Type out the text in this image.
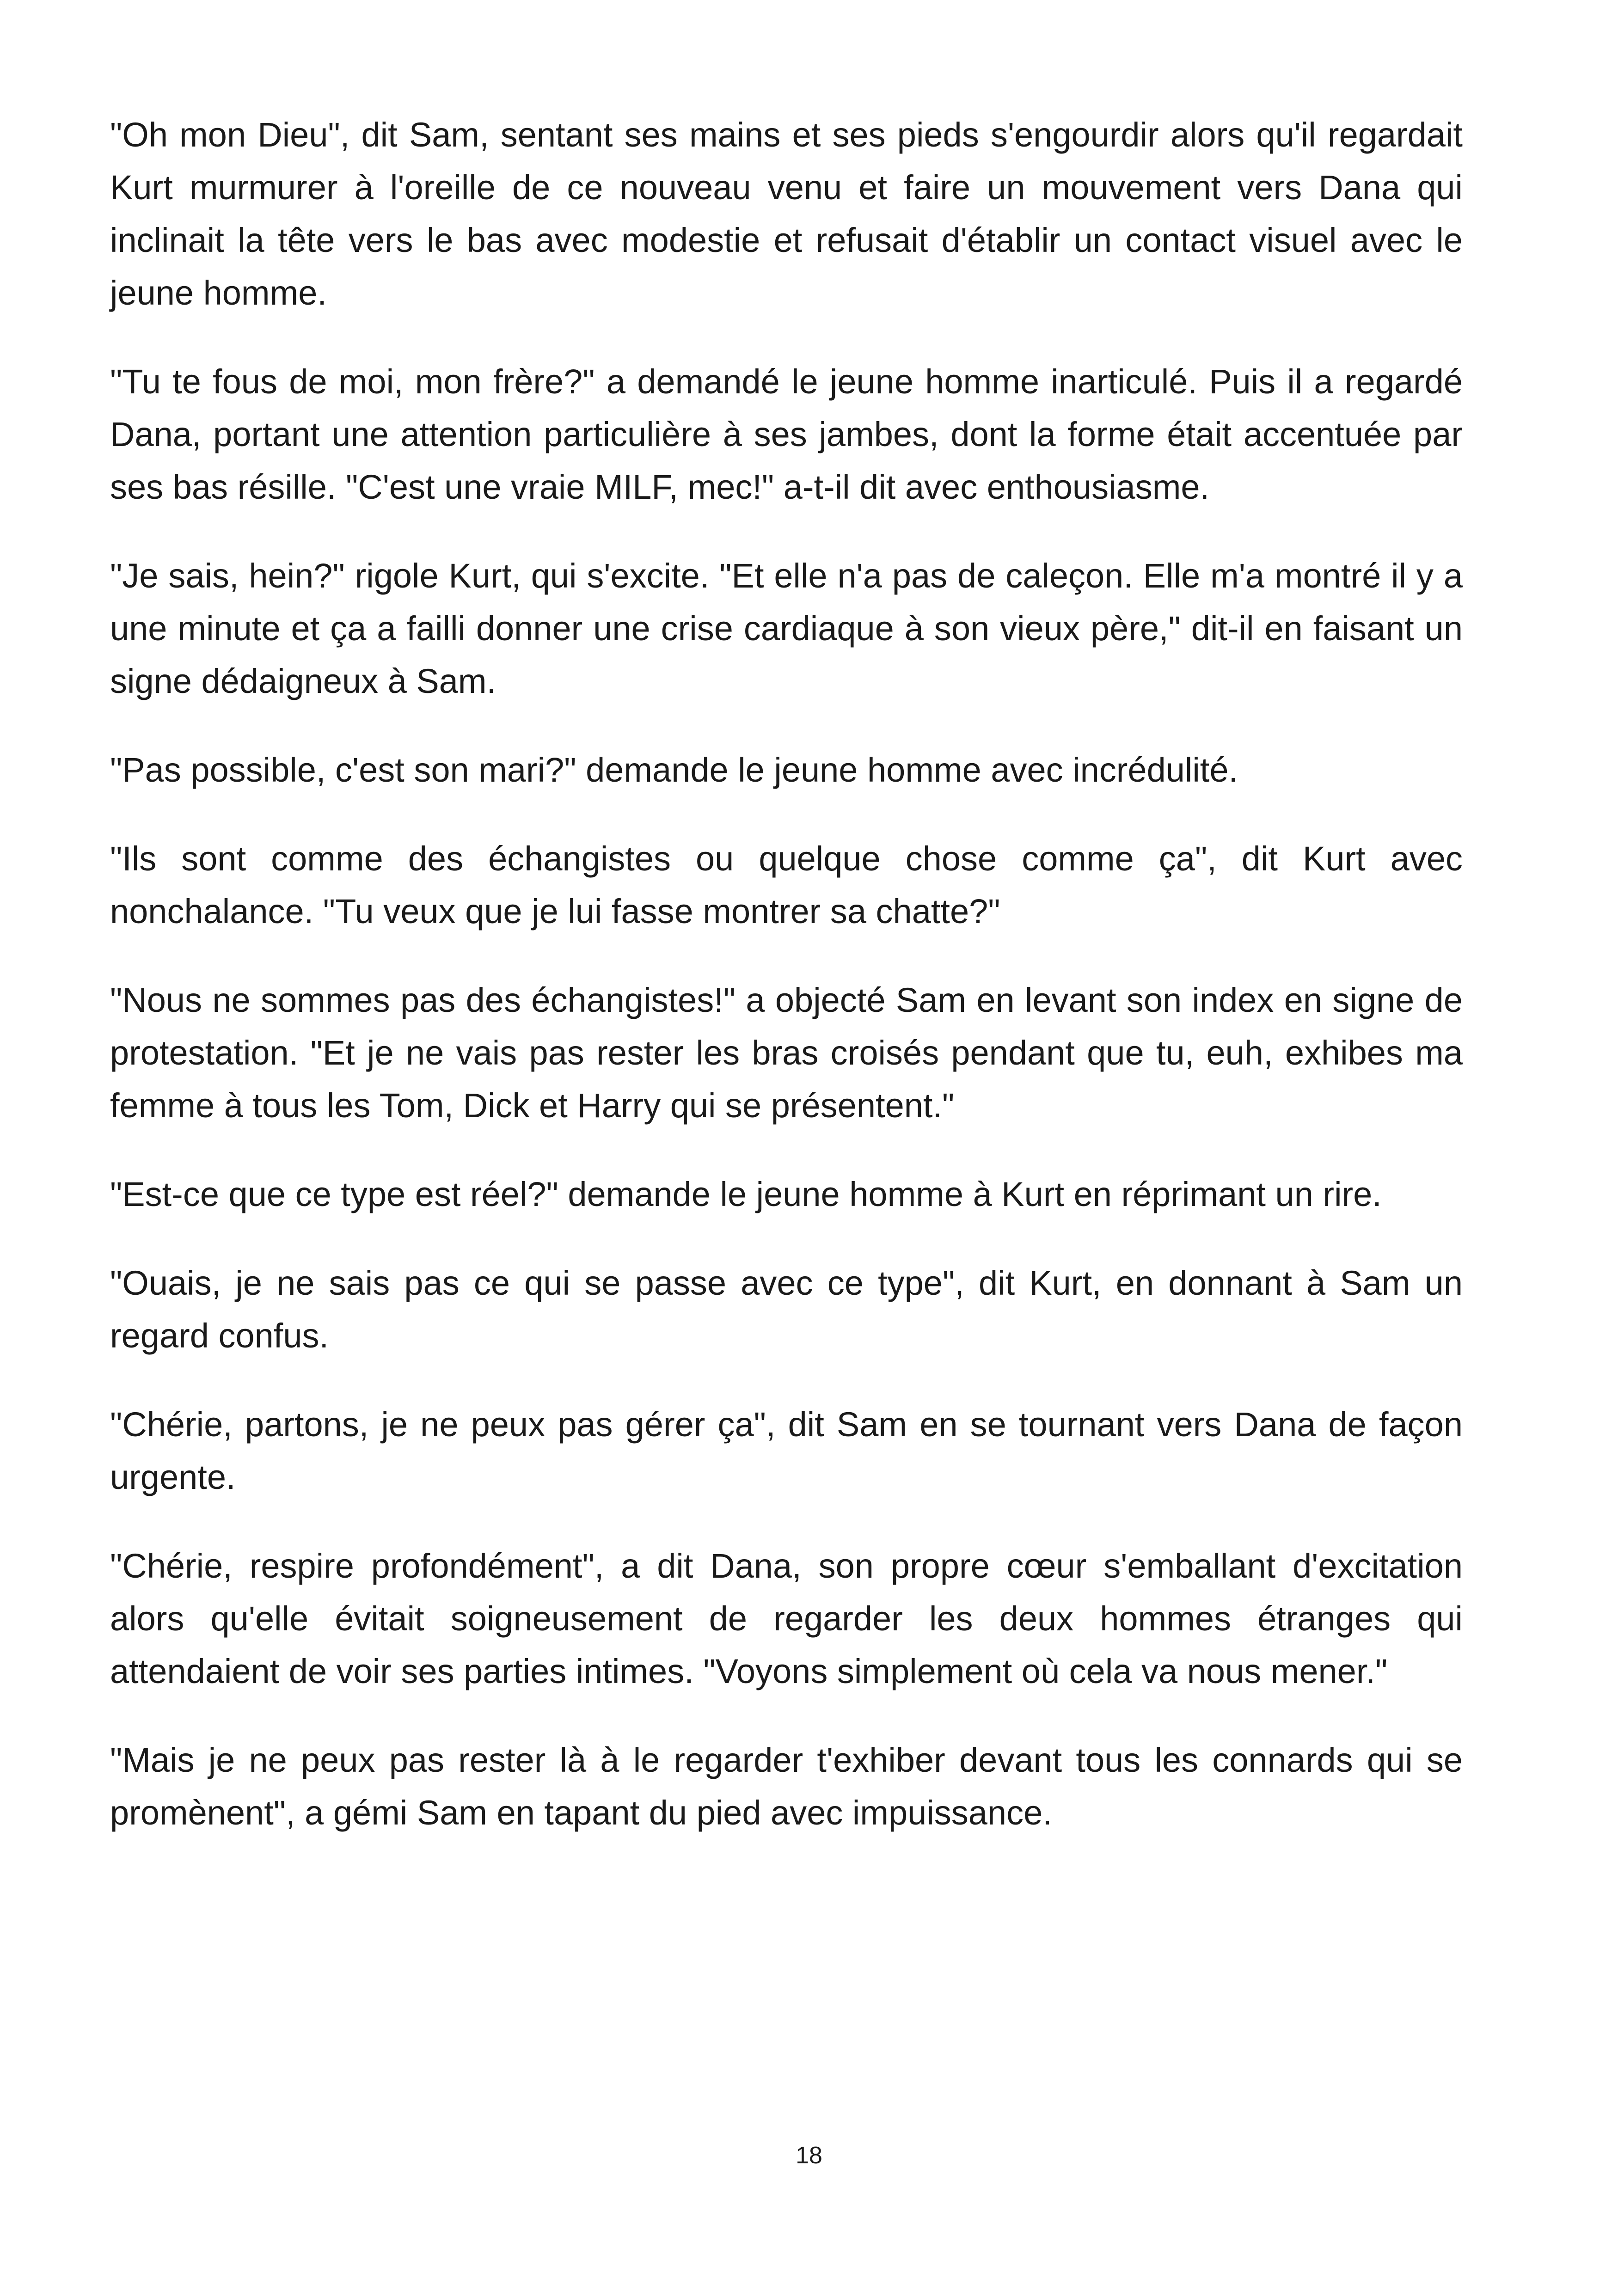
"Oh mon Dieu", dit Sam, sentant ses mains et ses pieds s'engourdir alors qu'il regardait Kurt murmurer à l'oreille de ce nouveau venu et faire un mouvement vers Dana qui inclinait la tête vers le bas avec modestie et refusait d'établir un contact visuel avec le jeune homme.

"Tu te fous de moi, mon frère?" a demandé le jeune homme inarticulé. Puis il a regardé Dana, portant une attention particulière à ses jambes, dont la forme était accentuée par ses bas résille. "C'est une vraie MILF, mec!" a-t-il dit avec enthousiasme.

"Je sais, hein?" rigole Kurt, qui s'excite. "Et elle n'a pas de caleçon. Elle m'a montré il y a une minute et ça a failli donner une crise cardiaque à son vieux père," dit-il en faisant un signe dédaigneux à Sam.

"Pas possible, c'est son mari?" demande le jeune homme avec incrédulité.

"Ils sont comme des échangistes ou quelque chose comme ça", dit Kurt avec nonchalance. "Tu veux que je lui fasse montrer sa chatte?"

"Nous ne sommes pas des échangistes!" a objecté Sam en levant son index en signe de protestation. "Et je ne vais pas rester les bras croisés pendant que tu, euh, exhibes ma femme à tous les Tom, Dick et Harry qui se présentent."

"Est-ce que ce type est réel?" demande le jeune homme à Kurt en réprimant un rire.

"Ouais, je ne sais pas ce qui se passe avec ce type", dit Kurt, en donnant à Sam un regard confus.

"Chérie, partons, je ne peux pas gérer ça", dit Sam en se tournant vers Dana de façon urgente.

"Chérie, respire profondément", a dit Dana, son propre cœur s'emballant d'excitation alors qu'elle évitait soigneusement de regarder les deux hommes étranges qui attendaient de voir ses parties intimes. "Voyons simplement où cela va nous mener."

"Mais je ne peux pas rester là à le regarder t'exhiber devant tous les connards qui se promènent", a gémi Sam en tapant du pied avec impuissance.

18
